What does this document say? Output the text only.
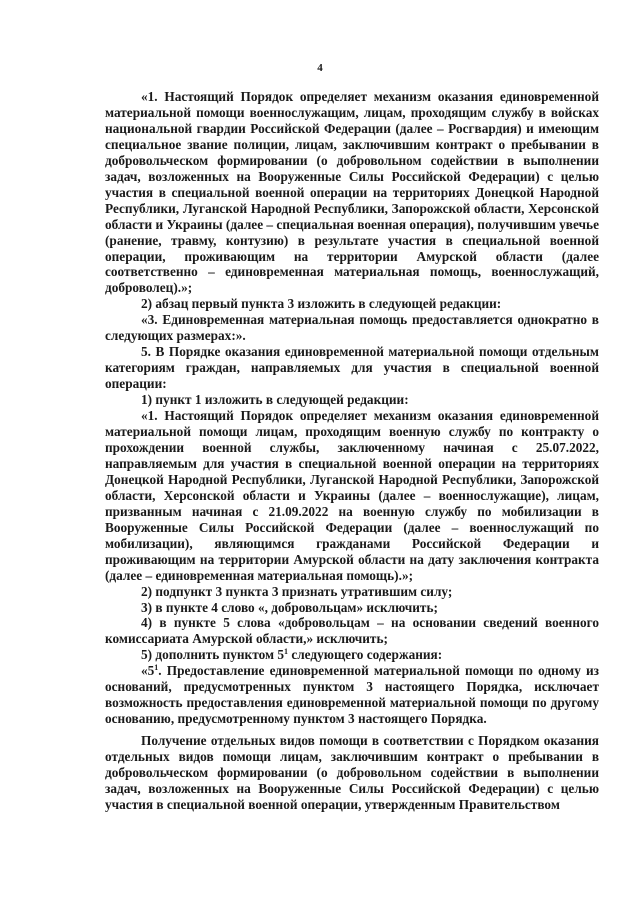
4

«1. Настоящий Порядок определяет механизм оказания единовременной материальной помощи военнослужащим, лицам, проходящим службу в войсках национальной гвардии Российской Федерации (далее – Росгвардия) и имеющим специальное звание полиции, лицам, заключившим контракт о пребывании в добровольческом формировании (о добровольном содействии в выполнении задач, возложенных на Вооруженные Силы Российской Федерации) с целью участия в специальной военной операции на территориях Донецкой Народной Республики, Луганской Народной Республики, Запорожской области, Херсонской области и Украины (далее – специальная военная операция), получившим увечье (ранение, травму, контузию) в результате участия в специальной военной операции, проживающим на территории Амурской области (далее соответственно – единовременная материальная помощь, военнослужащий, доброволец).»;

2) абзац первый пункта 3 изложить в следующей редакции:

«3. Единовременная материальная помощь предоставляется однократно в следующих размерах:».

5. В Порядке оказания единовременной материальной помощи отдельным категориям граждан, направляемых для участия в специальной военной операции:

1) пункт 1 изложить в следующей редакции:

«1. Настоящий Порядок определяет механизм оказания единовременной материальной помощи лицам, проходящим военную службу по контракту о прохождении военной службы, заключенному начиная с 25.07.2022, направляемым для участия в специальной военной операции на территориях Донецкой Народной Республики, Луганской Народной Республики, Запорожской области, Херсонской области и Украины (далее – военнослужащие), лицам, призванным начиная с 21.09.2022 на военную службу по мобилизации в Вооруженные Силы Российской Федерации (далее – военнослужащий по мобилизации), являющимся гражданами Российской Федерации и проживающим на территории Амурской области на дату заключения контракта (далее – единовременная материальная помощь).»;

2) подпункт 3 пункта 3 признать утратившим силу;

3) в пункте 4 слово «, добровольцам» исключить;

4) в пункте 5 слова «добровольцам – на основании сведений военного комиссариата Амурской области,» исключить;

5) дополнить пунктом $5^1$ следующего содержания:

«$5^1$. Предоставление единовременной материальной помощи по одному из оснований, предусмотренных пунктом 3 настоящего Порядка, исключает возможность предоставления единовременной материальной помощи по другому основанию, предусмотренному пунктом 3 настоящего Порядка.

Получение отдельных видов помощи в соответствии с Порядком оказания отдельных видов помощи лицам, заключившим контракт о пребывании в добровольческом формировании (о добровольном содействии в выполнении задач, возложенных на Вооруженные Силы Российской Федерации) с целью участия в специальной военной операции, утвержденным Правительством
